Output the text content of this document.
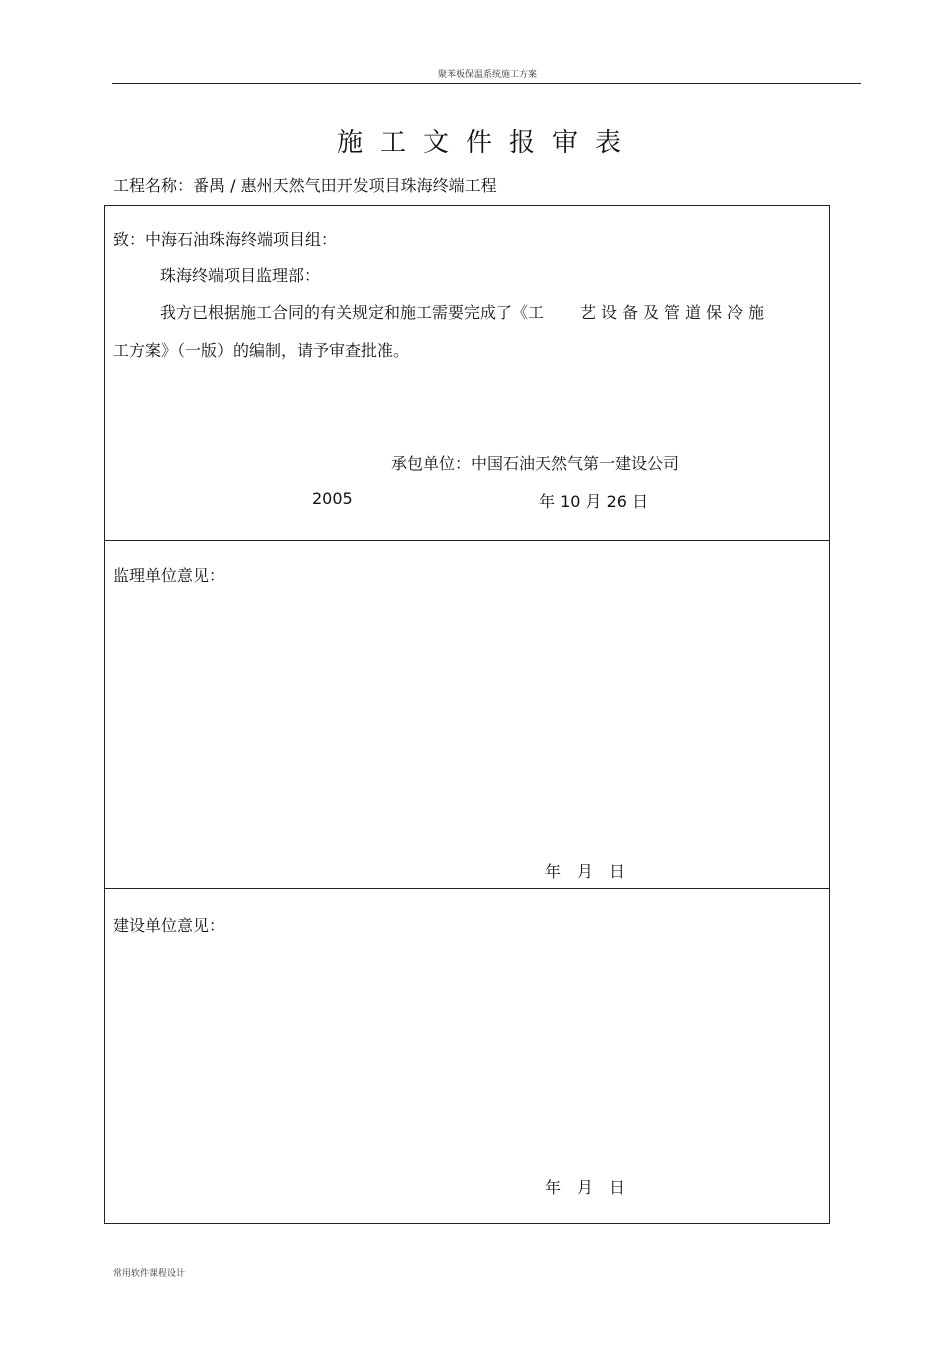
聚苯板保温系统施工方案
施工文件报审表
工程名称：番禺 / 惠州天然气田开发项目珠海终端工程
致：中海石油珠海终端项目组：
珠海终端项目监理部：
我方已根据施工合同的有关规定和施工需要完成了《工 艺设备及管道保冷施
工方案》（一版）的编制，请予审查批准。
承包单位：中国石油天然气第一建设公司
2005	年 10 月 26 日
监理单位意见：
年　月　日
建设单位意见：
年　月　日
常用软件课程设计
